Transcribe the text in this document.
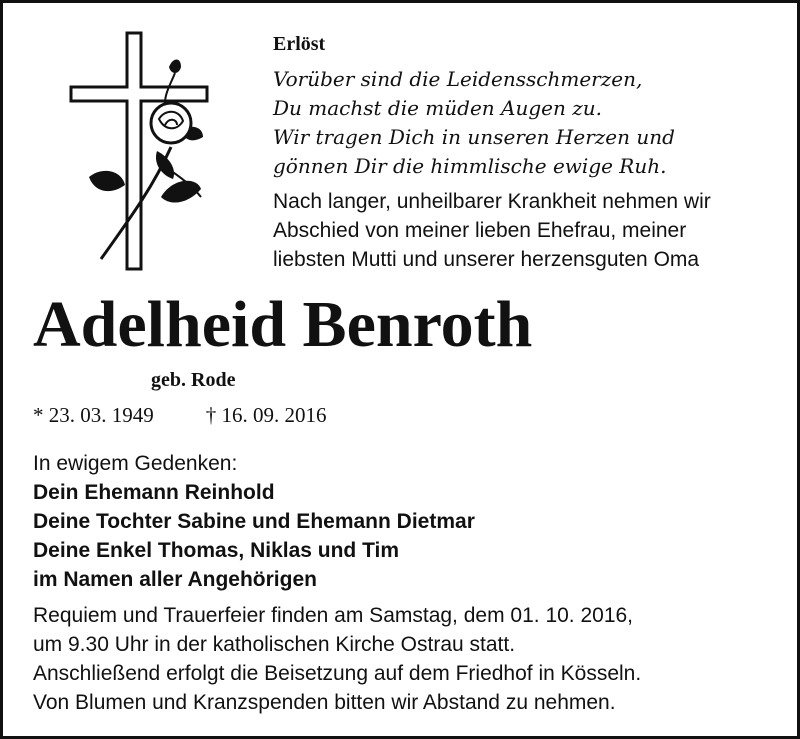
Erlöst

Vorüber sind die Leidensschmerzen,

Du machst die müden Augen zu.

Wir tragen Dich in unseren Herzen und

gönnen Dir die himmlische ewige Ruh.

Nach langer, unheilbarer Krankheit nehmen wir

Abschied von meiner lieben Ehefrau, meiner

liebsten Mutti und unserer herzensguten Oma

Adelheid Benroth

geb. Rode

* 23. 03. 1949 † 16. 09. 2016

In ewigem Gedenken:

Dein Ehemann Reinhold

Deine Tochter Sabine und Ehemann Dietmar

Deine Enkel Thomas, Niklas und Tim

im Namen aller Angehörigen

Requiem und Trauerfeier finden am Samstag, dem 01. 10. 2016,

um 9.30 Uhr in der katholischen Kirche Ostrau statt.

Anschließend erfolgt die Beisetzung auf dem Friedhof in Kösseln.

Von Blumen und Kranzspenden bitten wir Abstand zu nehmen.
